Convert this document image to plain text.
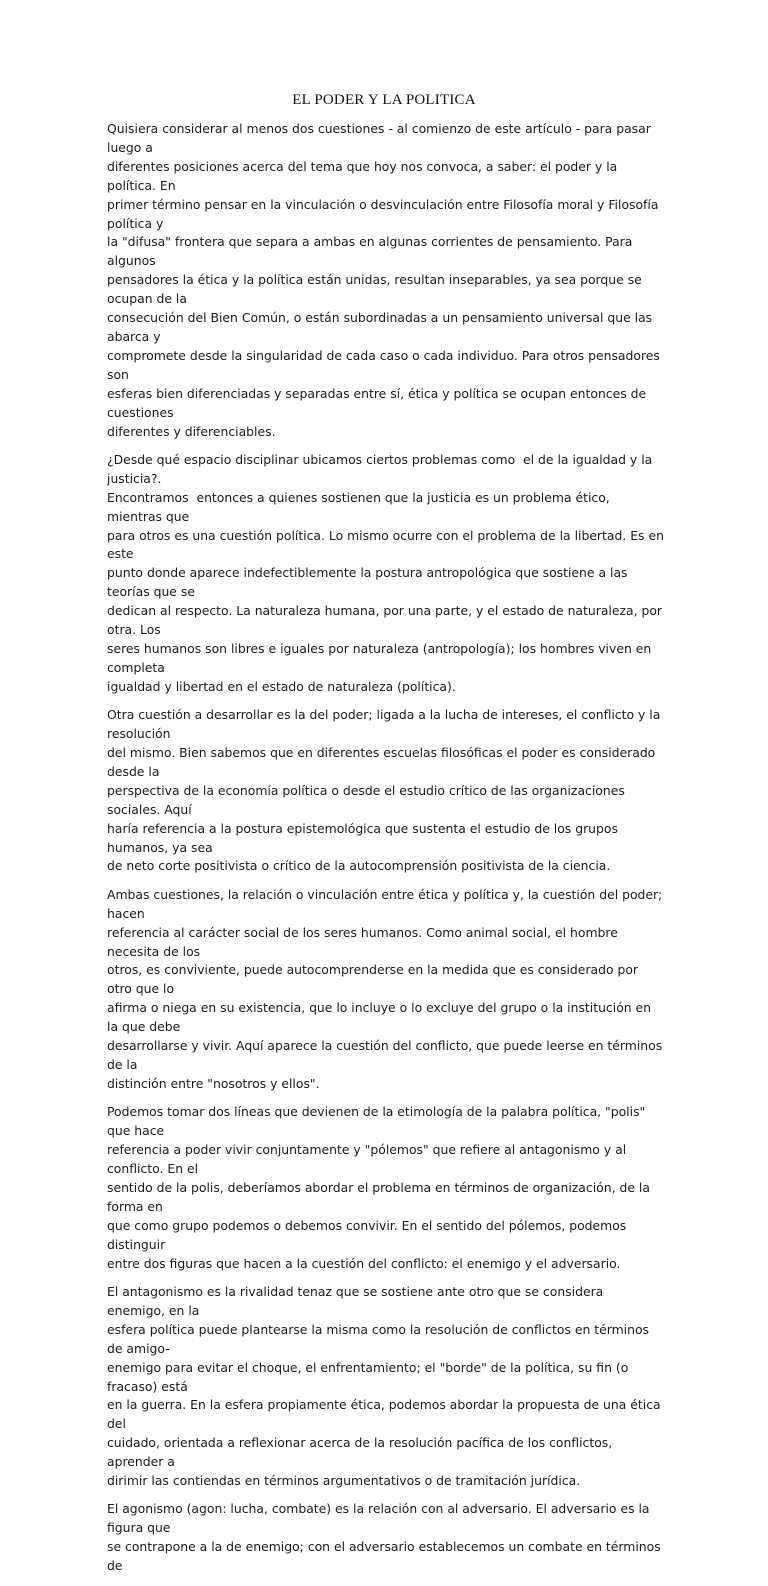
EL PODER Y LA POLITICA

Quisiera considerar al menos dos cuestiones - al comienzo de este artículo - para pasar luego a
diferentes posiciones acerca del tema que hoy nos convoca, a saber: el poder y la política. En
primer término pensar en la vinculación o desvinculación entre Filosofía moral y Filosofía política y
la "difusa" frontera que separa a ambas en algunas corrientes de pensamiento. Para algunos
pensadores la ética y la política están unidas, resultan inseparables, ya sea porque se ocupan de la
consecución del Bien Común, o están subordinadas a un pensamiento universal que las abarca y
compromete desde la singularidad de cada caso o cada individuo. Para otros pensadores son
esferas bien diferenciadas y separadas entre sí, ética y política se ocupan entonces de cuestiones
diferentes y diferenciables.

¿Desde qué espacio disciplinar ubicamos ciertos problemas como  el de la igualdad y la justicia?.
Encontramos  entonces a quienes sostienen que la justicia es un problema ético, mientras que
para otros es una cuestión política. Lo mismo ocurre con el problema de la libertad. Es en este
punto donde aparece indefectiblemente la postura antropológica que sostiene a las teorías que se
dedican al respecto. La naturaleza humana, por una parte, y el estado de naturaleza, por otra. Los
seres humanos son libres e iguales por naturaleza (antropología); los hombres viven en completa
igualdad y libertad en el estado de naturaleza (política).

Otra cuestión a desarrollar es la del poder; ligada a la lucha de intereses, el conflicto y la resolución
del mismo. Bien sabemos que en diferentes escuelas filosóficas el poder es considerado desde la
perspectiva de la economía política o desde el estudio crítico de las organizaciones sociales. Aquí
haría referencia a la postura epistemológica que sustenta el estudio de los grupos humanos, ya sea
de neto corte positivista o crítico de la autocomprensión positivista de la ciencia.

Ambas cuestiones, la relación o vinculación entre ética y política y, la cuestión del poder; hacen
referencia al carácter social de los seres humanos. Como animal social, el hombre necesita de los
otros, es conviviente, puede autocomprenderse en la medida que es considerado por otro que lo
afirma o niega en su existencia, que lo incluye o lo excluye del grupo o la institución en la que debe
desarrollarse y vivir. Aquí aparece la cuestión del conflicto, que puede leerse en términos de la
distinción entre "nosotros y ellos".

Podemos tomar dos líneas que devienen de la etimología de la palabra política, "polis" que hace
referencia a poder vivir conjuntamente y "pólemos" que refiere al antagonismo y al conflicto. En el
sentido de la polis, deberíamos abordar el problema en términos de organización, de la forma en
que como grupo podemos o debemos convivir. En el sentido del pólemos, podemos distinguir
entre dos figuras que hacen a la cuestión del conflicto: el enemigo y el adversario.

El antagonismo es la rivalidad tenaz que se sostiene ante otro que se considera enemigo, en la
esfera política puede plantearse la misma como la resolución de conflictos en términos de amigo-
enemigo para evitar el choque, el enfrentamiento; el "borde" de la política, su fin (o fracaso) está
en la guerra. En la esfera propiamente ética, podemos abordar la propuesta de una ética del
cuidado, orientada a reflexionar acerca de la resolución pacífica de los conflictos, aprender a
dirimir las contiendas en términos argumentativos o de tramitación jurídica.

El agonismo (agon: lucha, combate) es la relación con al adversario. El adversario es la figura que
se contrapone a la de enemigo; con el adversario establecemos un combate en términos de
